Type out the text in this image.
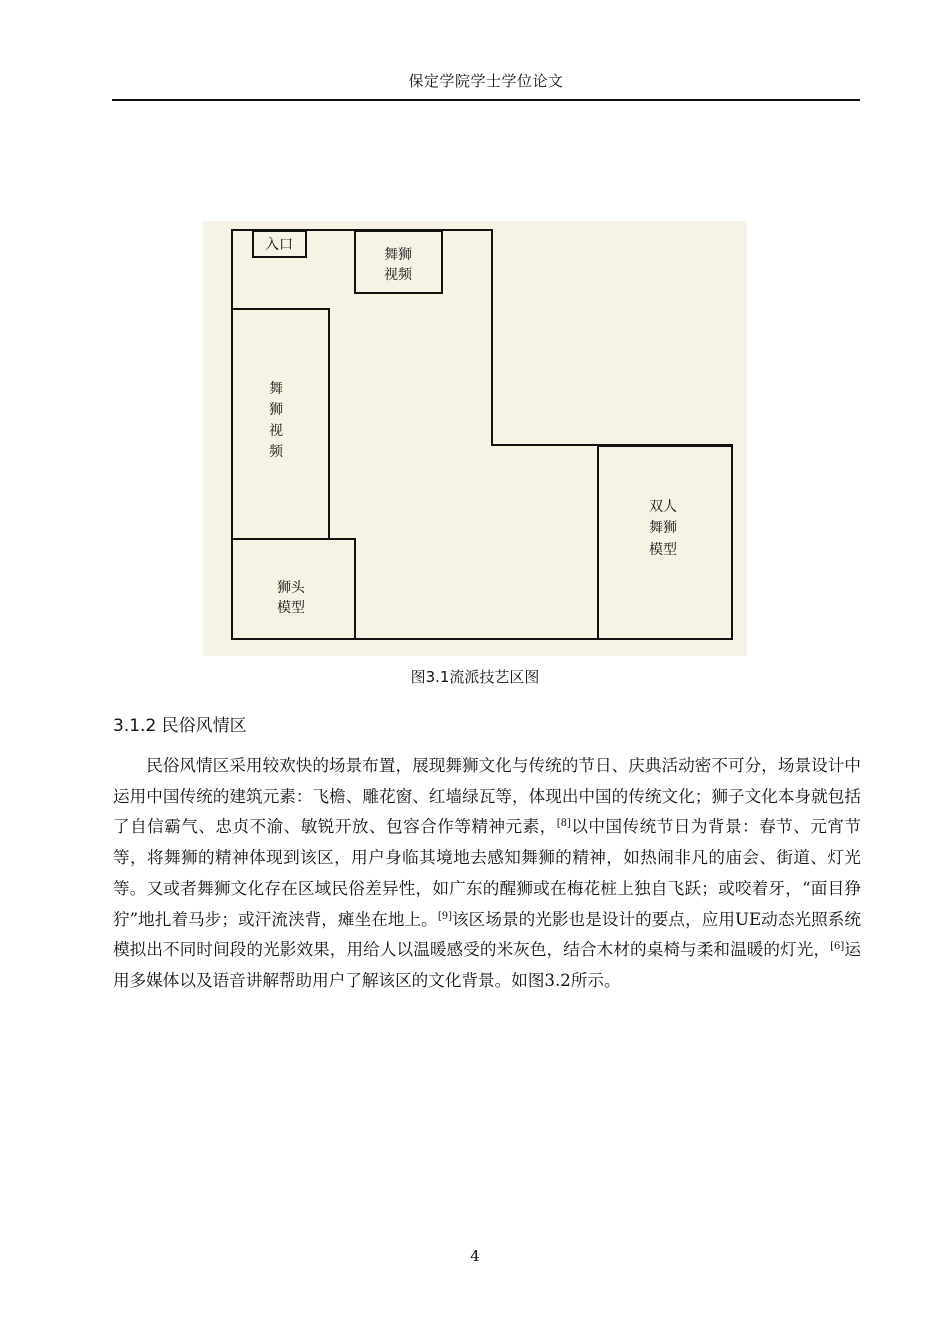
保定学院学士学位论文
入口
舞狮
视频
舞
狮
视
频
狮头
模型
双人
舞狮
模型
图3.1流派技艺区图
3.1.2 民俗风情区

民俗风情区采用较欢快的场景布置，展现舞狮文化与传统的节日、庆典活动密不可分，场景设计中运用中国传统的建筑元素：飞檐、雕花窗、红墙绿瓦等，体现出中国的传统文化；狮子文化本身就包括了自信霸气、忠贞不渝、敏锐开放、包容合作等精神元素，[8]以中国传统节日为背景：春节、元宵节等，将舞狮的精神体现到该区，用户身临其境地去感知舞狮的精神，如热闹非凡的庙会、街道、灯光等。又或者舞狮文化存在区域民俗差异性，如广东的醒狮或在梅花桩上独自飞跃；或咬着牙，“面目狰狞”地扎着马步；或汗流浃背，瘫坐在地上。[9]该区场景的光影也是设计的要点，应用UE动态光照系统模拟出不同时间段的光影效果，用给人以温暖感受的米灰色，结合木材的桌椅与柔和温暖的灯光，[6]运用多媒体以及语音讲解帮助用户了解该区的文化背景。如图3.2所示。

4
